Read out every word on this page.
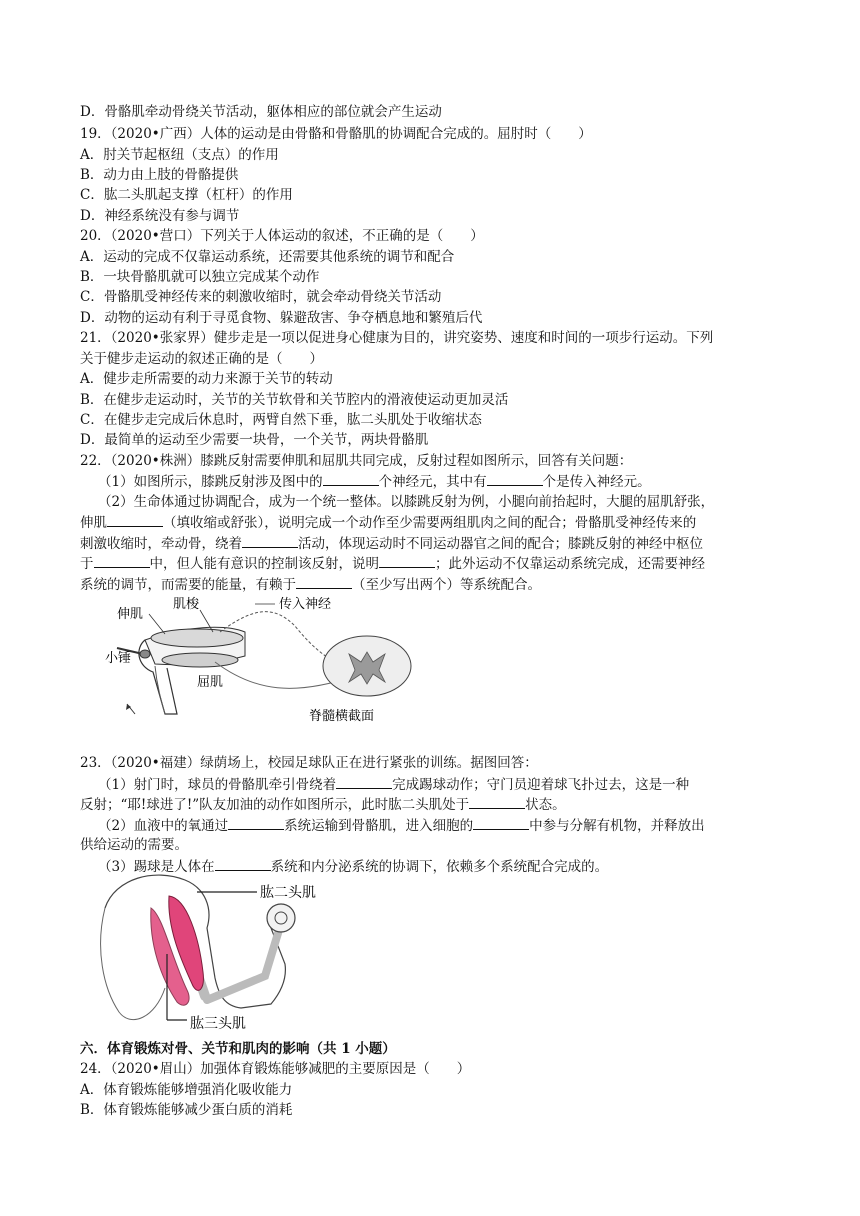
D．骨骼肌牵动骨绕关节活动，躯体相应的部位就会产生运动
19．（2020•广西）人体的运动是由骨骼和骨骼肌的协调配合完成的。屈肘时（　　）
A．肘关节起枢纽（支点）的作用
B．动力由上肢的骨骼提供
C．肱二头肌起支撑（杠杆）的作用
D．神经系统没有参与调节
20．（2020•营口）下列关于人体运动的叙述，不正确的是（　　）
A．运动的完成不仅靠运动系统，还需要其他系统的调节和配合
B．一块骨骼肌就可以独立完成某个动作
C．骨骼肌受神经传来的刺激收缩时，就会牵动骨绕关节活动
D．动物的运动有利于寻觅食物、躲避敌害、争夺栖息地和繁殖后代
21．（2020•张家界）健步走是一项以促进身心健康为目的，讲究姿势、速度和时间的一项步行运动。下列
关于健步走运动的叙述正确的是（　　）
A．健步走所需要的动力来源于关节的转动
B．在健步走运动时，关节的关节软骨和关节腔内的滑液使运动更加灵活
C．在健步走完成后休息时，两臂自然下垂，肱二头肌处于收缩状态
D．最简单的运动至少需要一块骨，一个关节，两块骨骼肌
22．（2020•株洲）膝跳反射需要伸肌和屈肌共同完成，反射过程如图所示，回答有关问题：
（1）如图所示，膝跳反射涉及图中的	个神经元，其中有	个是传入神经元。
（2）生命体通过协调配合，成为一个统一整体。以膝跳反射为例，小腿向前抬起时，大腿的屈肌舒张，
伸肌	（填收缩或舒张），说明完成一个动作至少需要两组肌肉之间的配合；骨骼肌受神经传来的
刺激收缩时，牵动骨，绕着	活动，体现运动时不同运动器官之间的配合；膝跳反射的神经中枢位
于	中，但人能有意识的控制该反射，说明	；此外运动不仅靠运动系统完成，还需要神经
系统的调节，而需要的能量，有赖于	（至少写出两个）等系统配合。
肌梭	传入神经
伸肌
小锤
屈肌
脊髓横截面
23．（2020•福建）绿荫场上，校园足球队正在进行紧张的训练。据图回答：
（1）射门时，球员的骨骼肌牵引骨绕着	完成踢球动作；守门员迎着球飞扑过去，这是一种
反射；“耶!球进了!”队友加油的动作如图所示，此时肱二头肌处于	状态。
（2）血液中的氧通过	系统运输到骨骼肌，进入细胞的	中参与分解有机物，并释放出
供给运动的需要。
（3）踢球是人体在	系统和内分泌系统的协调下，依赖多个系统配合完成的。
肱二头肌
肱三头肌
六．体育锻炼对骨、关节和肌肉的影响（共 1 小题）
24．（2020•眉山）加强体育锻炼能够减肥的主要原因是（　　）
A．体育锻炼能够增强消化吸收能力
B．体育锻炼能够减少蛋白质的消耗
